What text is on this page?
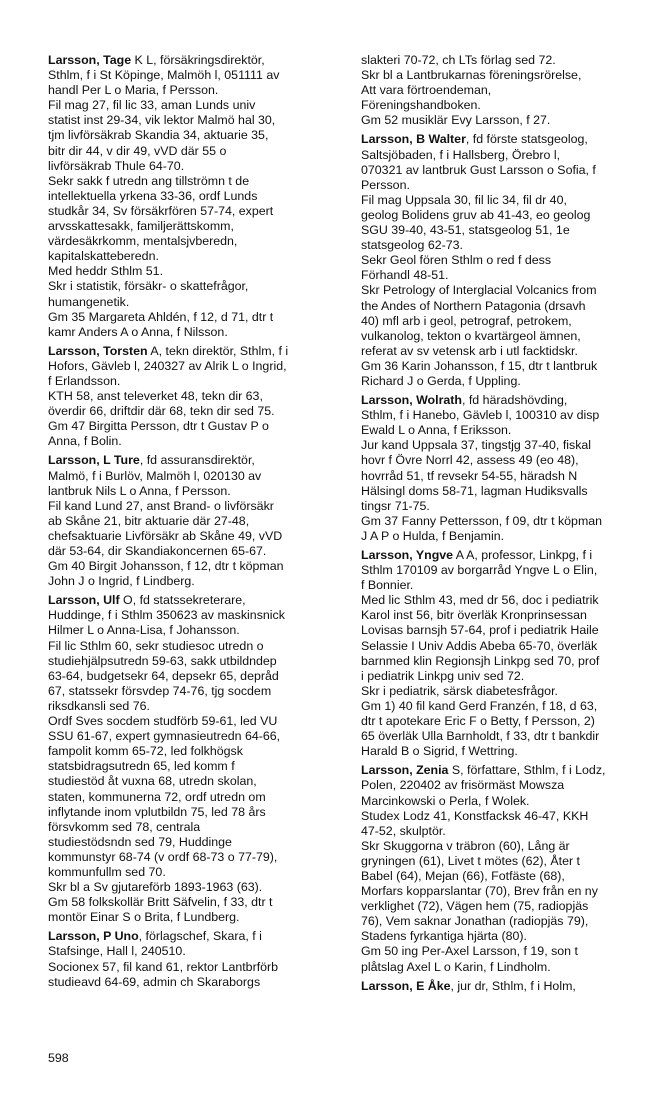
Larsson, Tage K L, försäkringsdirektör,
Sthlm, f i St Köpinge, Malmöh l, 051111 av
handl Per L o Maria, f Persson.
Fil mag 27, fil lic 33, aman Lunds univ
statist inst 29-34, vik lektor Malmö hal 30,
tjm livförsäkrab Skandia 34, aktuarie 35,
bitr dir 44, v dir 49, vVD där 55 o
livförsäkrab Thule 64-70.
Sekr sakk f utredn ang tillströmn t de
intellektuella yrkena 33-36, ordf Lunds
studkår 34, Sv försäkrfören 57-74, expert
arvsskattesakk, familjerättskomm,
värdesäkrkomm, mentalsjvberedn,
kapitalskatteberedn.
Med heddr Sthlm 51.
Skr i statistik, försäkr- o skattefrågor,
humangenetik.
Gm 35 Margareta Ahldén, f 12, d 71, dtr t
kamr Anders A o Anna, f Nilsson.
Larsson, Torsten A, tekn direktör, Sthlm, f i
Hofors, Gävleb l, 240327 av Alrik L o Ingrid,
f Erlandsson.
KTH 58, anst televerket 48, tekn dir 63,
överdir 66, driftdir där 68, tekn dir sed 75.
Gm 47 Birgitta Persson, dtr t Gustav P o
Anna, f Bolin.
Larsson, L Ture, fd assuransdirektör,
Malmö, f i Burlöv, Malmöh l, 020130 av
lantbruk Nils L o Anna, f Persson.
Fil kand Lund 27, anst Brand- o livförsäkr
ab Skåne 21, bitr aktuarie där 27-48,
chefsaktuarie Livförsäkr ab Skåne 49, vVD
där 53-64, dir Skandiakoncernen 65-67.
Gm 40 Birgit Johansson, f 12, dtr t köpman
John J o Ingrid, f Lindberg.
Larsson, Ulf O, fd statssekreterare,
Huddinge, f i Sthlm 350623 av maskinsnick
Hilmer L o Anna-Lisa, f Johansson.
Fil lic Sthlm 60, sekr studiesoc utredn o
studiehjälpsutredn 59-63, sakk utbildndep
63-64, budgetsekr 64, depsekr 65, depråd
67, statssekr försvdep 74-76, tjg socdem
riksdkansli sed 76.
Ordf Sves socdem studförb 59-61, led VU
SSU 61-67, expert gymnasieutredn 64-66,
fampolit komm 65-72, led folkhögsk
statsbidragsutredn 65, led komm f
studiestöd åt vuxna 68, utredn skolan,
staten, kommunerna 72, ordf utredn om
inflytande inom vplutbildn 75, led 78 års
försvkomm sed 78, centrala
studiestödsndn sed 79, Huddinge
kommunstyr 68-74 (v ordf 68-73 o 77-79),
kommunfullm sed 70.
Skr bl a Sv gjutareförb 1893-1963 (63).
Gm 58 folkskollär Britt Säfvelin, f 33, dtr t
montör Einar S o Brita, f Lundberg.
Larsson, P Uno, förlagschef, Skara, f i
Stafsinge, Hall l, 240510.
Socionex 57, fil kand 61, rektor Lantbrförb
studieavd 64-69, admin ch Skaraborgs
slakteri 70-72, ch LTs förlag sed 72.
Skr bl a Lantbrukarnas föreningsrörelse,
Att vara förtroendeman,
Föreningshandboken.
Gm 52 musiklär Evy Larsson, f 27.
Larsson, B Walter, fd förste statsgeolog,
Saltsjöbaden, f i Hallsberg, Örebro l,
070321 av lantbruk Gust Larsson o Sofia, f
Persson.
Fil mag Uppsala 30, fil lic 34, fil dr 40,
geolog Bolidens gruv ab 41-43, eo geolog
SGU 39-40, 43-51, statsgeolog 51, 1e
statsgeolog 62-73.
Sekr Geol fören Sthlm o red f dess
Förhandl 48-51.
Skr Petrology of Interglacial Volcanics from
the Andes of Northern Patagonia (drsavh
40) mfl arb i geol, petrograf, petrokem,
vulkanolog, tekton o kvartärgeol ämnen,
referat av sv vetensk arb i utl facktidskr.
Gm 36 Karin Johansson, f 15, dtr t lantbruk
Richard J o Gerda, f Uppling.
Larsson, Wolrath, fd häradshövding,
Sthlm, f i Hanebo, Gävleb l, 100310 av disp
Ewald L o Anna, f Eriksson.
Jur kand Uppsala 37, tingstjg 37-40, fiskal
hovr f Övre Norrl 42, assess 49 (eo 48),
hovrråd 51, tf revsekr 54-55, häradsh N
Hälsingl doms 58-71, lagman Hudiksvalls
tingsr 71-75.
Gm 37 Fanny Pettersson, f 09, dtr t köpman
J A P o Hulda, f Benjamin.
Larsson, Yngve A A, professor, Linkpg, f i
Sthlm 170109 av borgarråd Yngve L o Elin,
f Bonnier.
Med lic Sthlm 43, med dr 56, doc i pediatrik
Karol inst 56, bitr överläk Kronprinsessan
Lovisas barnsjh 57-64, prof i pediatrik Haile
Selassie I Univ Addis Abeba 65-70, överläk
barnmed klin Regionsjh Linkpg sed 70, prof
i pediatrik Linkpg univ sed 72.
Skr i pediatrik, särsk diabetesfrågor.
Gm 1) 40 fil kand Gerd Franzén, f 18, d 63,
dtr t apotekare Eric F o Betty, f Persson, 2)
65 överläk Ulla Barnholdt, f 33, dtr t bankdir
Harald B o Sigrid, f Wettring.
Larsson, Zenia S, författare, Sthlm, f i Lodz,
Polen, 220402 av frisörmäst Mowsza
Marcinkowski o Perla, f Wolek.
Studex Lodz 41, Konstfacksk 46-47, KKH
47-52, skulptör.
Skr Skuggorna v träbron (60), Lång är
gryningen (61), Livet t mötes (62), Åter t
Babel (64), Mejan (66), Fotfäste (68),
Morfars kopparslantar (70), Brev från en ny
verklighet (72), Vägen hem (75, radiopjäs
76), Vem saknar Jonathan (radiopjäs 79),
Stadens fyrkantiga hjärta (80).
Gm 50 ing Per-Axel Larsson, f 19, son t
plåtslag Axel L o Karin, f Lindholm.
Larsson, E Åke, jur dr, Sthlm, f i Holm,
598
